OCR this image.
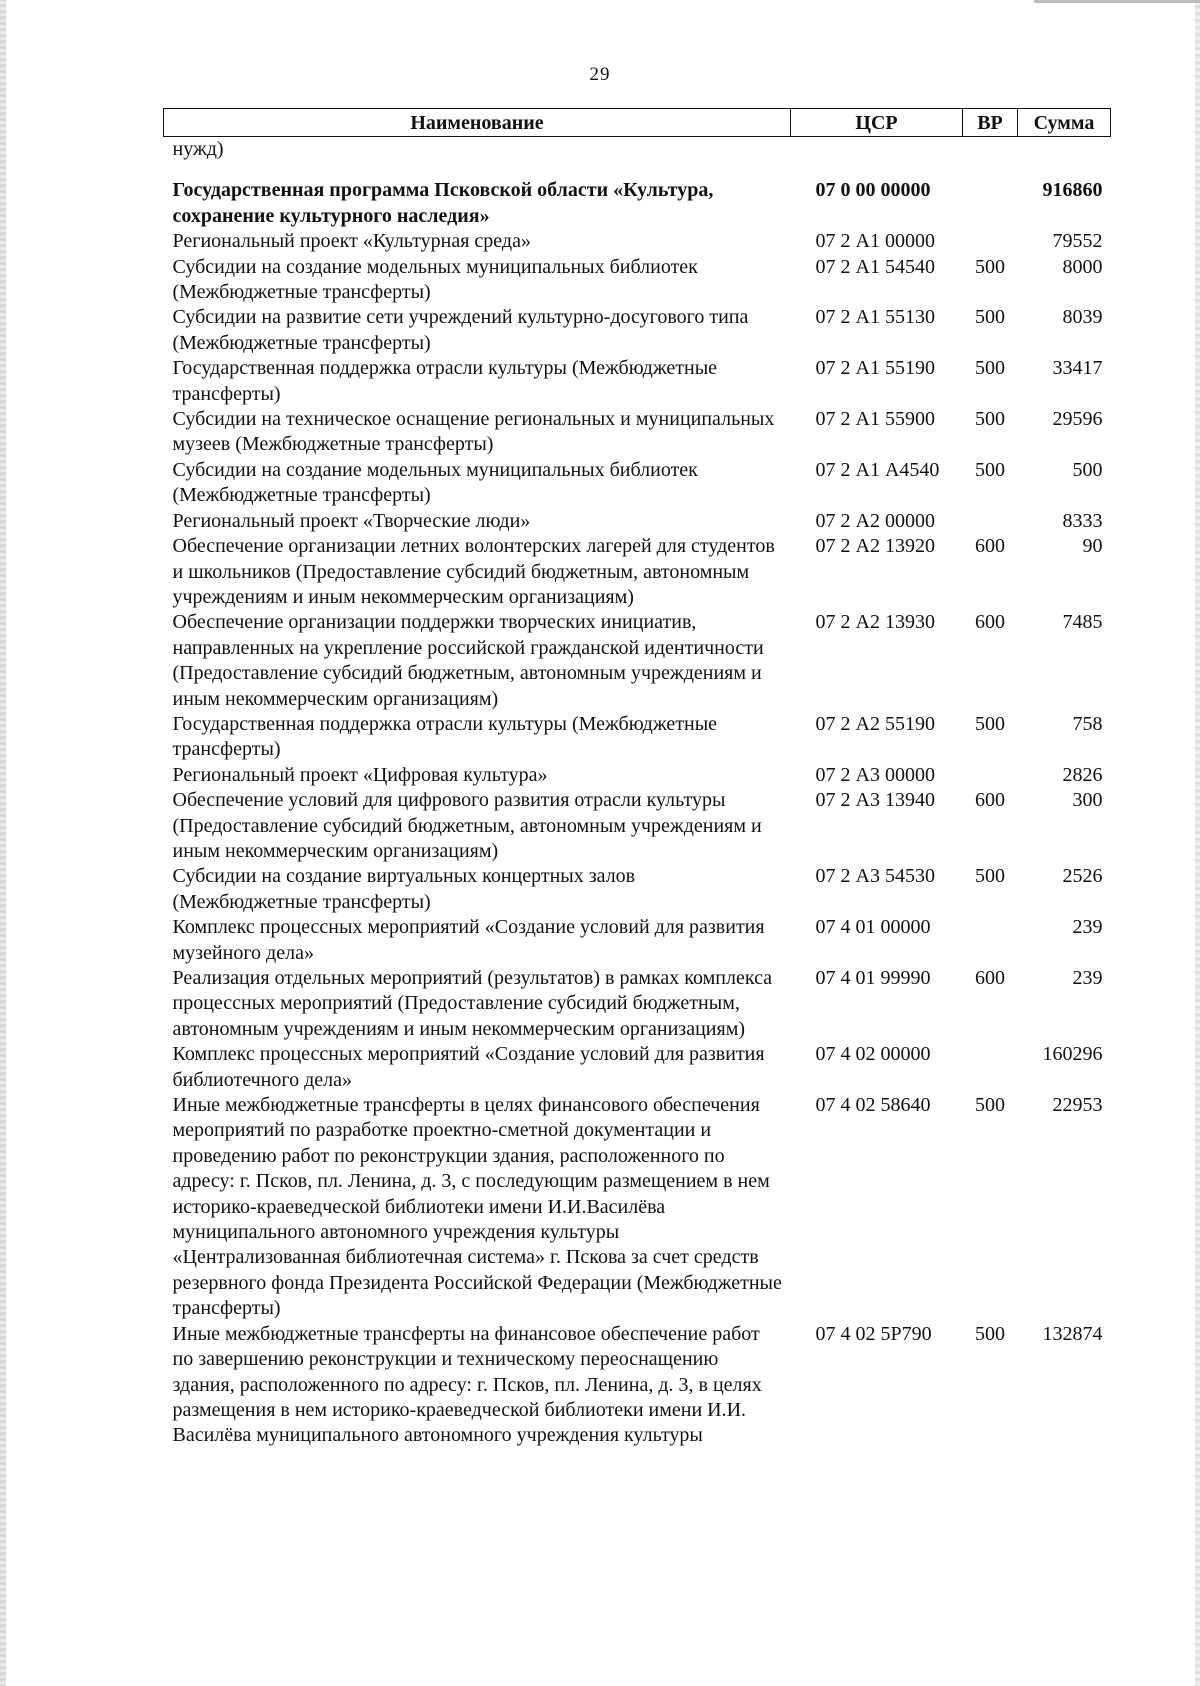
29
Наименование	ЦСР	ВР	Сумма
нужд)			
Государственная программа Псковской области «Культура, сохранение культурного наследия»	07 0 00 00000		916860
Региональный проект «Культурная среда»	07 2 А1 00000		79552
Субсидии на создание модельных муниципальных библиотек (Межбюджетные трансферты)	07 2 А1 54540	500	8000
Субсидии на развитие сети учреждений культурно-досугового типа (Межбюджетные трансферты)	07 2 А1 55130	500	8039
Государственная поддержка отрасли культуры (Межбюджетные трансферты)	07 2 А1 55190	500	33417
Субсидии на техническое оснащение региональных и муниципальных музеев (Межбюджетные трансферты)	07 2 А1 55900	500	29596
Субсидии на создание модельных муниципальных библиотек (Межбюджетные трансферты)	07 2 А1 А4540	500	500
Региональный проект «Творческие люди»	07 2 А2 00000		8333
Обеспечение организации летних волонтерских лагерей для студентов и школьников (Предоставление субсидий бюджетным, автономным учреждениям и иным некоммерческим организациям)	07 2 А2 13920	600	90
Обеспечение организации поддержки творческих инициатив, направленных на укрепление российской гражданской идентичности (Предоставление субсидий бюджетным, автономным учреждениям и иным некоммерческим организациям)	07 2 А2 13930	600	7485
Государственная поддержка отрасли культуры (Межбюджетные трансферты)	07 2 А2 55190	500	758
Региональный проект «Цифровая культура»	07 2 А3 00000		2826
Обеспечение условий для цифрового развития отрасли культуры (Предоставление субсидий бюджетным, автономным учреждениям и иным некоммерческим организациям)	07 2 А3 13940	600	300
Субсидии на создание виртуальных концертных залов (Межбюджетные трансферты)	07 2 А3 54530	500	2526
Комплекс процессных мероприятий «Создание условий для развития музейного дела»	07 4 01 00000		239
Реализация отдельных мероприятий (результатов) в рамках комплекса процессных мероприятий (Предоставление субсидий бюджетным, автономным учреждениям и иным некоммерческим организациям)	07 4 01 99990	600	239
Комплекс процессных мероприятий «Создание условий для развития библиотечного дела»	07 4 02 00000		160296
Иные межбюджетные трансферты в целях финансового обеспечения мероприятий по разработке проектно-сметной документации и проведению работ по реконструкции здания, расположенного по адресу: г. Псков, пл. Ленина, д. 3, с последующим размещением в нем историко-краеведческой библиотеки имени И.И.Василёва муниципального автономного учреждения культуры «Централизованная библиотечная система» г. Пскова за счет средств резервного фонда Президента Российской Федерации (Межбюджетные трансферты)	07 4 02 58640	500	22953
Иные межбюджетные трансферты на финансовое обеспечение работ по завершению реконструкции и техническому переоснащению здания, расположенного по адресу: г. Псков, пл. Ленина, д. 3, в целях размещения в нем историко-краеведческой библиотеки имени И.И. Василёва муниципального автономного учреждения культуры	07 4 02 5Р790	500	132874
